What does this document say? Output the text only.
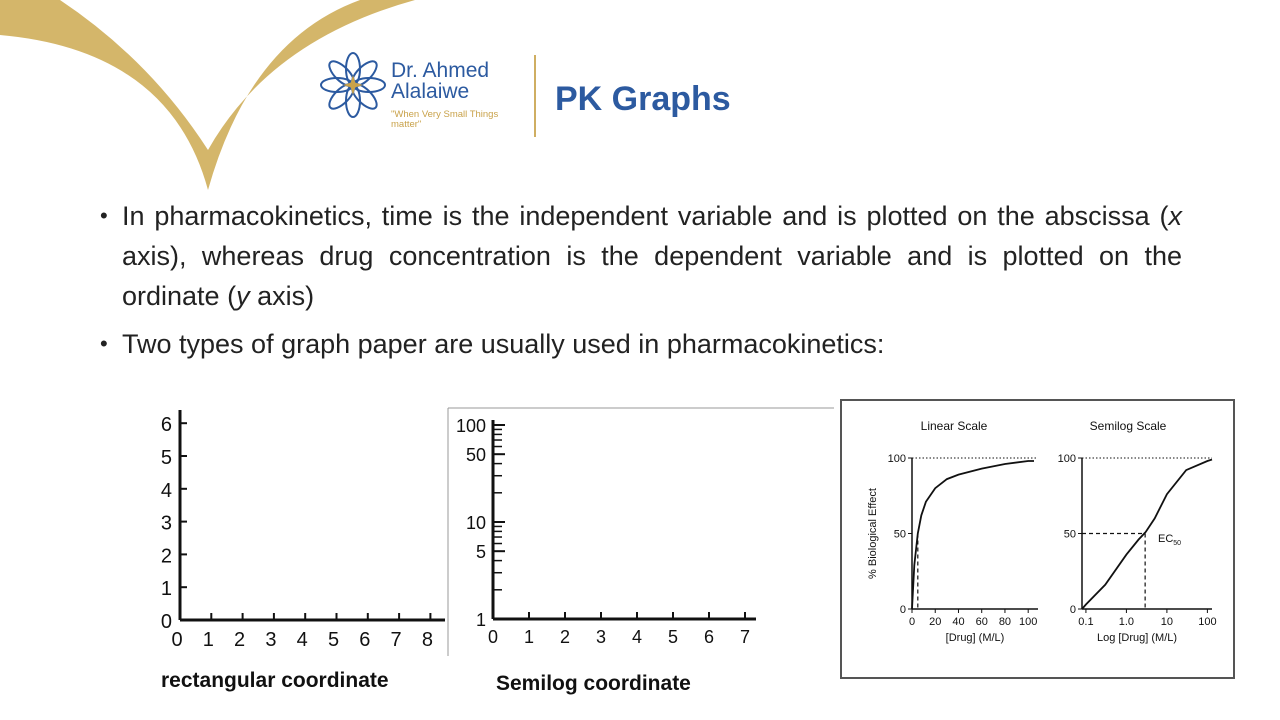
Dr. Ahmed
Alalaiwe
"When Very Small Things matter"
PK Graphs
• In pharmacokinetics, time is the independent variable and is plotted on the abscissa (x axis), whereas drug concentration is the dependent variable and is plotted on the ordinate (y axis)
• Two types of graph paper are usually used in pharmacokinetics:
0
1
2
3
4
5
6
0 1 2 3 4 5 6 7 8
1
5
10
50
100
0 1 2 3 4 5 6 7
rectangular coordinate	Semilog coordinate
Linear Scale
0
50
100
0 20 40 60 80 100
[Drug] (M/L)
% Biological Effect
Semilog Scale
0
50
100
0.1 1.0 10 100
Log [Drug] (M/L)
$EC_{50}$
